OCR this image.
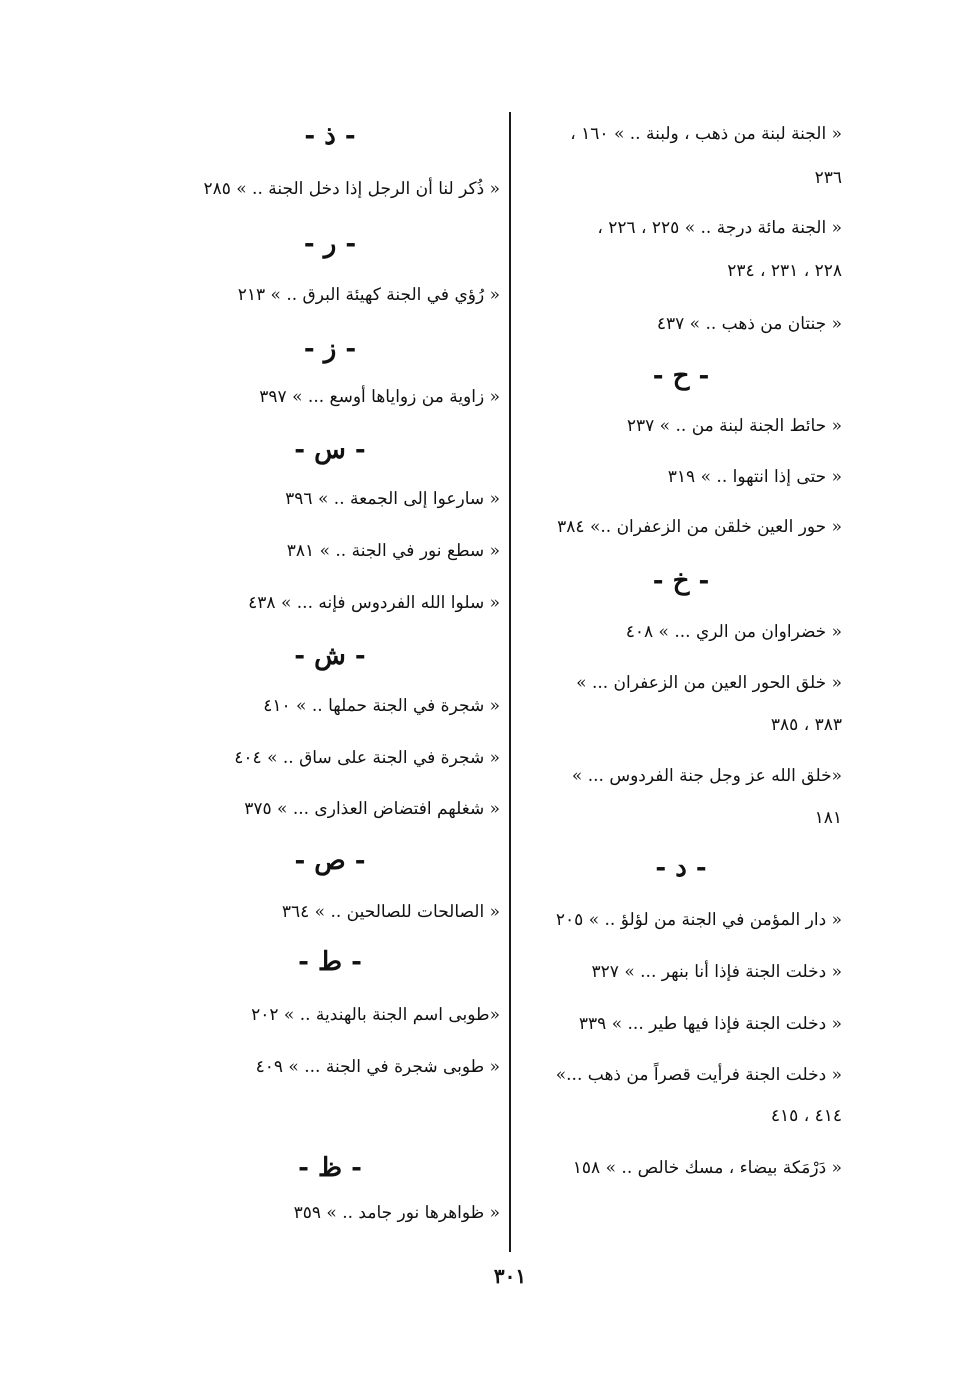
« الجنة لبنة من ذهب ، ولبنة .. » ١٦٠ ،
٢٣٦
« الجنة مائة درجة .. » ٢٢٥ ، ٢٢٦ ،
٢٢٨ ، ٢٣١ ، ٢٣٤
« جنتان من ذهب .. » ٤٣٧
- ح -
« حائط الجنة لبنة من .. » ٢٣٧
« حتى إذا انتهوا .. » ٣١٩
« حور العين خلقن من الزعفران ..» ٣٨٤
- خ -
« خضراوان من الري ... » ٤٠٨
« خلق الحور العين من الزعفران ... »
٣٨٣ ، ٣٨٥
«خلق الله عز وجل جنة الفردوس ... »
١٨١
- د -
« دار المؤمن في الجنة من لؤلؤ .. » ٢٠٥
« دخلت الجنة فإذا أنا بنهر ... » ٣٢٧
« دخلت الجنة فإذا فيها طير ... » ٣٣٩
« دخلت الجنة فرأيت قصراً من ذهب ...»
٤١٤ ، ٤١٥
« دَرْمَكة بيضاء ، مسك خالص .. » ١٥٨
- ذ -
« ذُكر لنا أن الرجل إذا دخل الجنة .. » ٢٨٥
- ر -
« رُؤي في الجنة كهيئة البرق .. » ٢١٣
- ز -
« زاوية من زواياها أوسع ... » ٣٩٧
- س -
« سارعوا إلى الجمعة .. » ٣٩٦
« سطع نور في الجنة .. » ٣٨١
« سلوا الله الفردوس فإنه ... » ٤٣٨
- ش -
« شجرة في الجنة حملها .. » ٤١٠
« شجرة في الجنة على ساق .. » ٤٠٤
« شغلهم افتضاض العذارى ... » ٣٧٥
- ص -
« الصالحات للصالحين .. » ٣٦٤
- ط -
«طوبى اسم الجنة بالهندية .. » ٢٠٢
« طوبى شجرة في الجنة ... » ٤٠٩
- ظ -
« ظواهرها نور جامد .. » ٣٥٩
٣٠١
